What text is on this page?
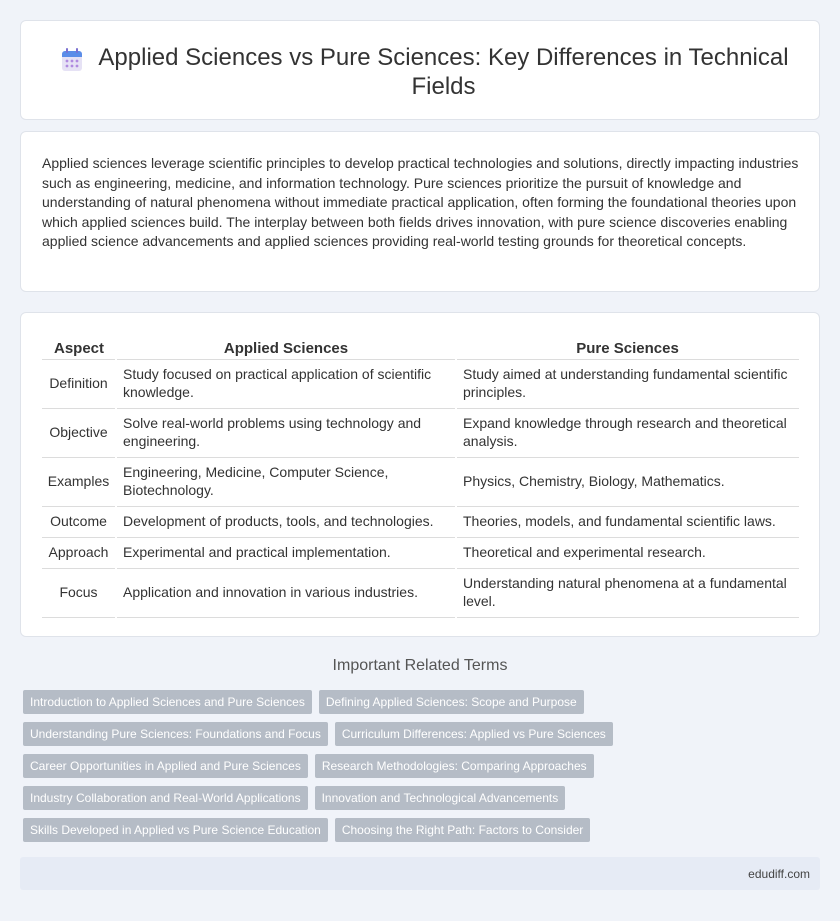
Applied Sciences vs Pure Sciences: Key Differences in Technical Fields

Applied sciences leverage scientific principles to develop practical technologies and solutions, directly impacting industries such as engineering, medicine, and information technology. Pure sciences prioritize the pursuit of knowledge and understanding of natural phenomena without immediate practical application, often forming the foundational theories upon which applied sciences build. The interplay between both fields drives innovation, with pure science discoveries enabling applied science advancements and applied sciences providing real-world testing grounds for theoretical concepts.

Aspect	Applied Sciences	Pure Sciences
Definition	Study focused on practical application of scientific knowledge.	Study aimed at understanding fundamental scientific principles.
Objective	Solve real-world problems using technology and engineering.	Expand knowledge through research and theoretical analysis.
Examples	Engineering, Medicine, Computer Science, Biotechnology.	Physics, Chemistry, Biology, Mathematics.
Outcome	Development of products, tools, and technologies.	Theories, models, and fundamental scientific laws.
Approach	Experimental and practical implementation.	Theoretical and experimental research.
Focus	Application and innovation in various industries.	Understanding natural phenomena at a fundamental level.
Important Related Terms
Introduction to Applied Sciences and Pure Sciences	Defining Applied Sciences: Scope and Purpose
Understanding Pure Sciences: Foundations and Focus	Curriculum Differences: Applied vs Pure Sciences
Career Opportunities in Applied and Pure Sciences	Research Methodologies: Comparing Approaches
Industry Collaboration and Real-World Applications	Innovation and Technological Advancements
Skills Developed in Applied vs Pure Science Education	Choosing the Right Path: Factors to Consider
edudiff.com
